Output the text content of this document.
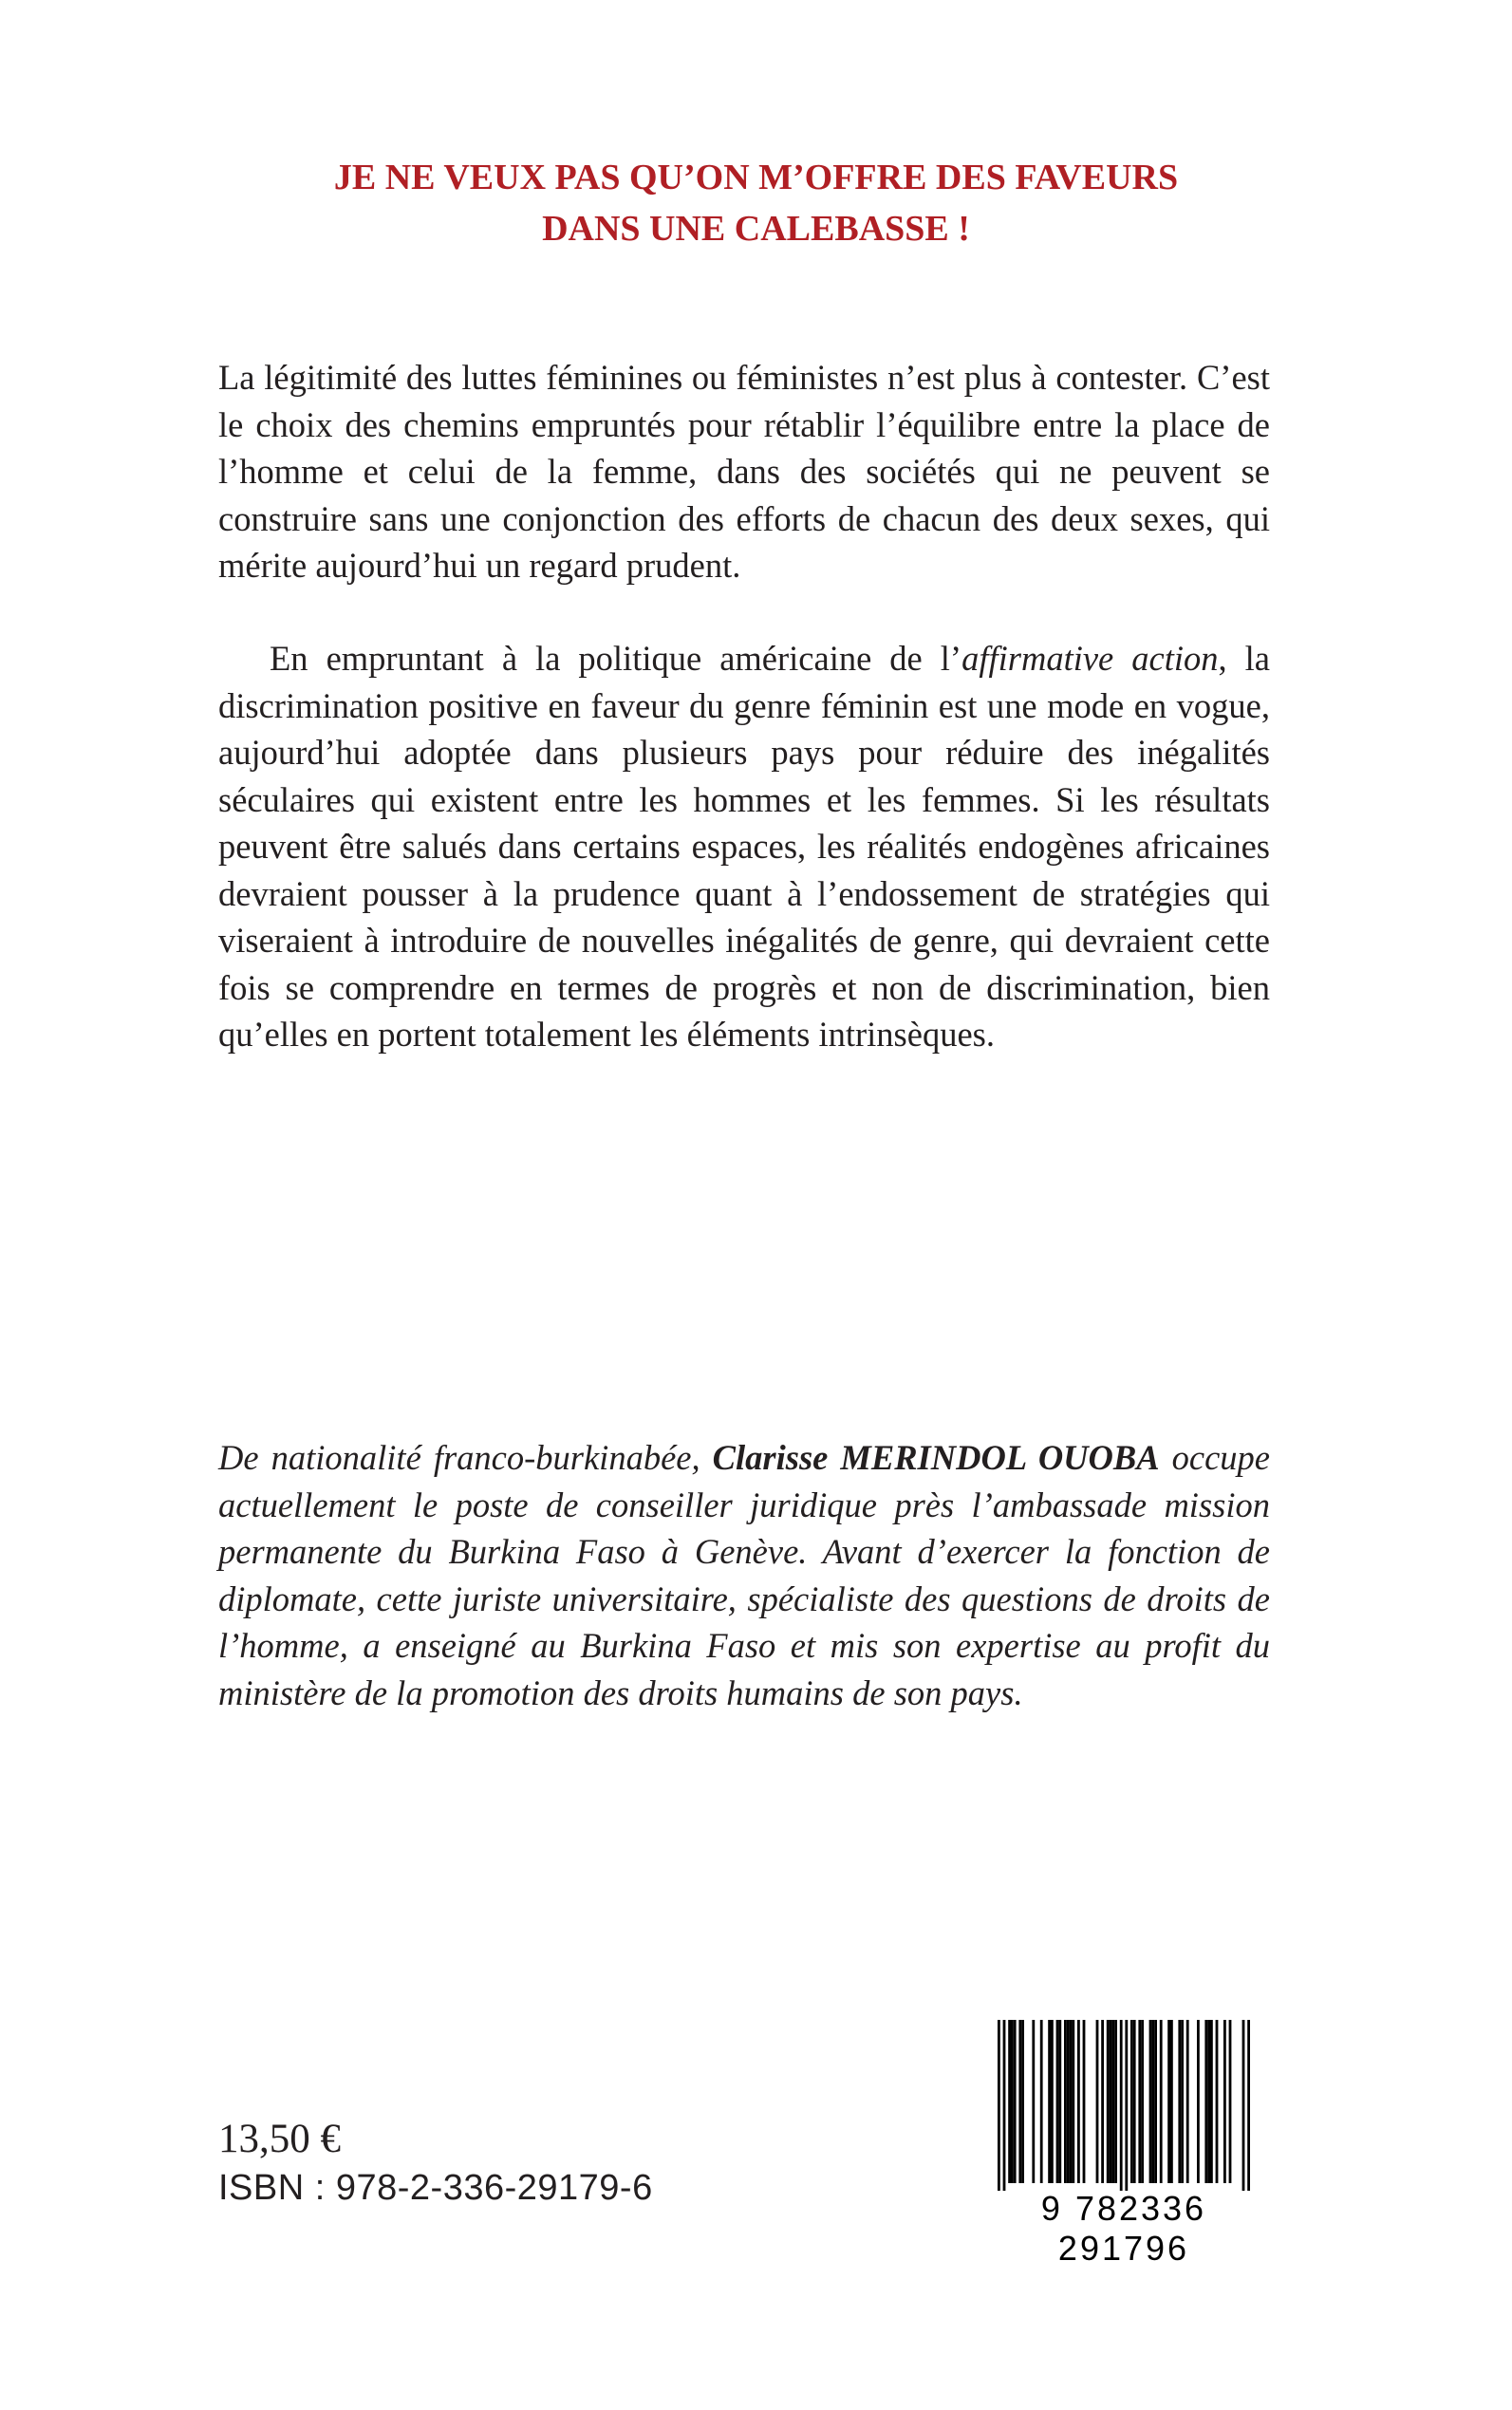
JE NE VEUX PAS QU’ON M’OFFRE DES FAVEURS
DANS UNE CALEBASSE !

La légitimité des luttes féminines ou féministes n’est plus à contester. C’est le choix des chemins empruntés pour rétablir l’équilibre entre la place de l’homme et celui de la femme, dans des sociétés qui ne peuvent se construire sans une conjonction des efforts de chacun des deux sexes, qui mérite aujourd’hui un regard prudent.

En empruntant à la politique américaine de l’affirmative action, la discrimination positive en faveur du genre féminin est une mode en vogue, aujourd’hui adoptée dans plusieurs pays pour réduire des inégalités séculaires qui existent entre les hommes et les femmes. Si les résultats peuvent être salués dans certains espaces, les réalités endogènes africaines devraient pousser à la prudence quant à l’endossement de stratégies qui viseraient à introduire de nouvelles inégalités de genre, qui devraient cette fois se comprendre en termes de progrès et non de discrimination, bien qu’elles en portent totalement les éléments intrinsèques.

De nationalité franco-burkinabée, Clarisse MERINDOL OUOBA occupe actuellement le poste de conseiller juridique près l’ambassade mission permanente du Burkina Faso à Genève. Avant d’exercer la fonction de diplomate, cette juriste universitaire, spécialiste des questions de droits de l’homme, a enseigné au Burkina Faso et mis son expertise au profit du ministère de la promotion des droits humains de son pays.
13,50 €
ISBN : 978-2-336-29179-6
9 782336 291796
